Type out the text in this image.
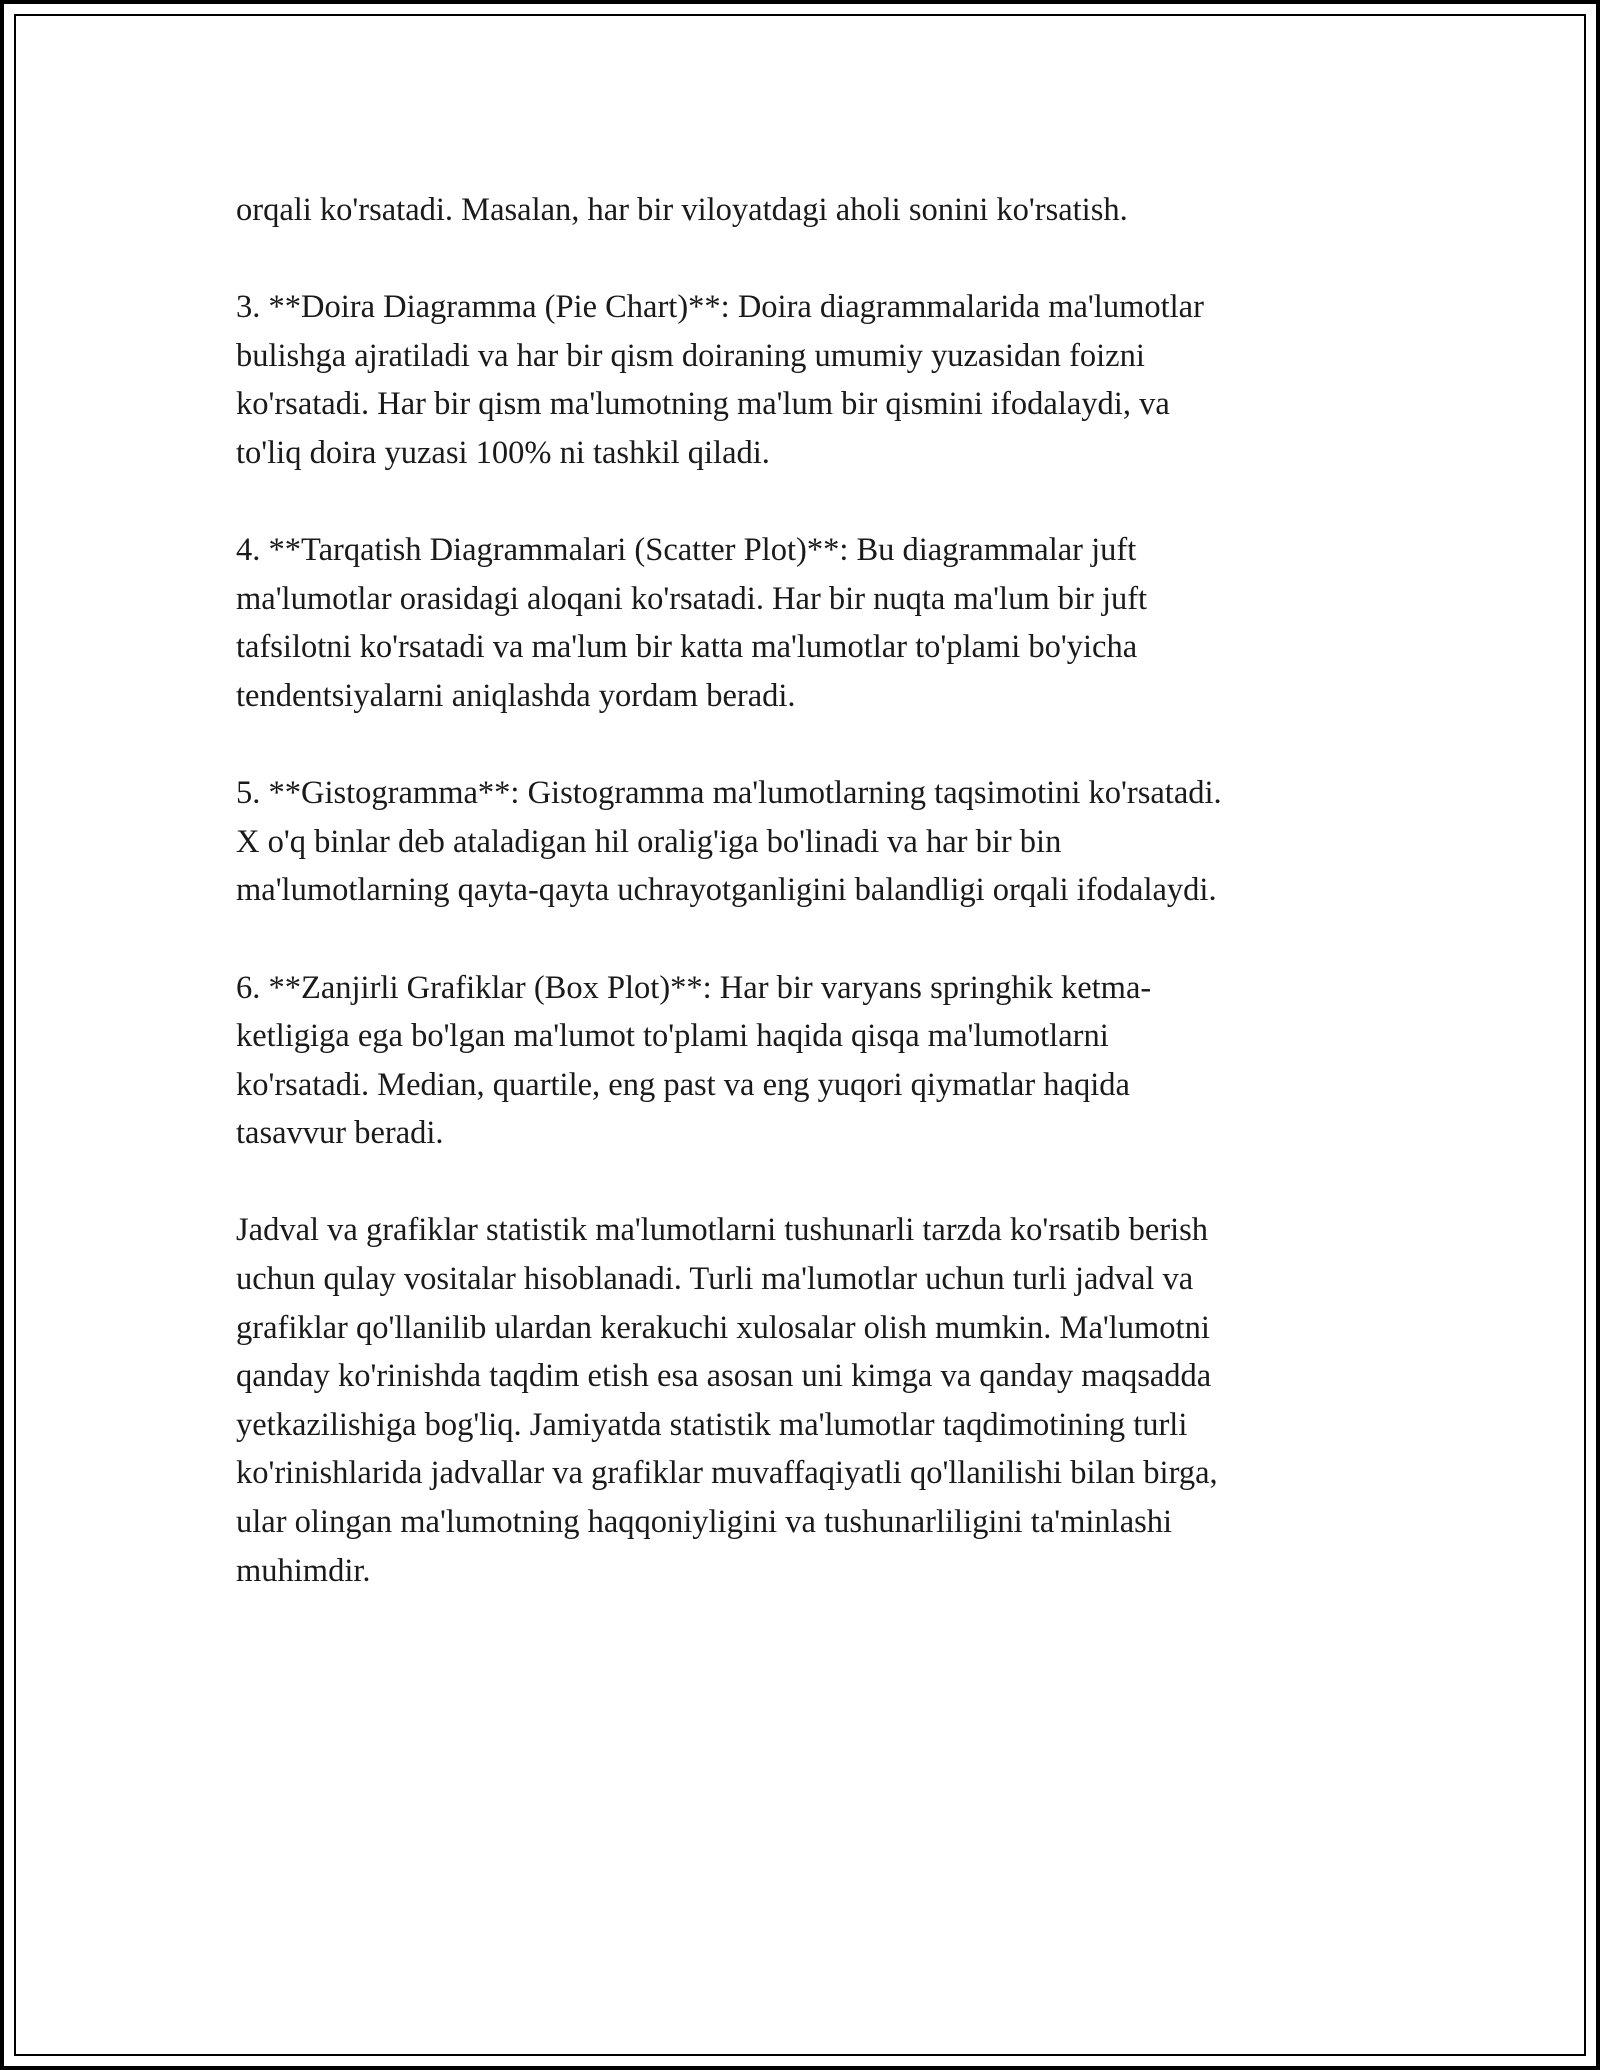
orqali ko'rsatadi. Masalan, har bir viloyatdagi aholi sonini ko'rsatish.

3. **Doira Diagramma (Pie Chart)**: Doira diagrammalarida ma'lumotlar
bulishga ajratiladi va har bir qism doiraning umumiy yuzasidan foizni
ko'rsatadi. Har bir qism ma'lumotning ma'lum bir qismini ifodalaydi, va
to'liq doira yuzasi 100% ni tashkil qiladi.

4. **Tarqatish Diagrammalari (Scatter Plot)**: Bu diagrammalar juft
ma'lumotlar orasidagi aloqani ko'rsatadi. Har bir nuqta ma'lum bir juft
tafsilotni ko'rsatadi va ma'lum bir katta ma'lumotlar to'plami bo'yicha
tendentsiyalarni aniqlashda yordam beradi.

5. **Gistogramma**: Gistogramma ma'lumotlarning taqsimotini ko'rsatadi.
X o'q binlar deb ataladigan hil oralig'iga bo'linadi va har bir bin
ma'lumotlarning qayta-qayta uchrayotganligini balandligi orqali ifodalaydi.

6. **Zanjirli Grafiklar (Box Plot)**: Har bir varyans springhik ketma-
ketligiga ega bo'lgan ma'lumot to'plami haqida qisqa ma'lumotlarni
ko'rsatadi. Median, quartile, eng past va eng yuqori qiymatlar haqida
tasavvur beradi.

Jadval va grafiklar statistik ma'lumotlarni tushunarli tarzda ko'rsatib berish
uchun qulay vositalar hisoblanadi. Turli ma'lumotlar uchun turli jadval va
grafiklar qo'llanilib ulardan kerakuchi xulosalar olish mumkin. Ma'lumotni
qanday ko'rinishda taqdim etish esa asosan uni kimga va qanday maqsadda
yetkazilishiga bog'liq. Jamiyatda statistik ma'lumotlar taqdimotining turli
ko'rinishlarida jadvallar va grafiklar muvaffaqiyatli qo'llanilishi bilan birga,
ular olingan ma'lumotning haqqoniyligini va tushunarliligini ta'minlashi
muhimdir.
